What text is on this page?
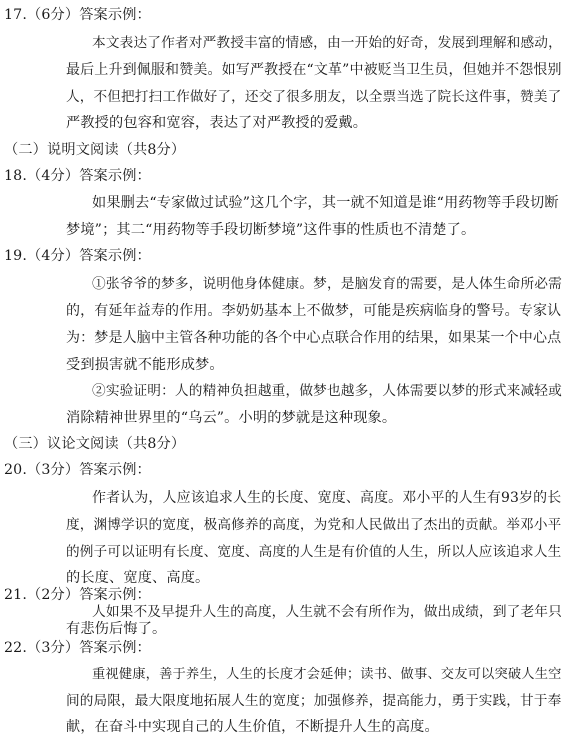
17.（6分）答案示例：
本文表达了作者对严教授丰富的情感，由一开始的好奇，发展到理解和感动，
最后上升到佩服和赞美。如写严教授在“文革”中被贬当卫生员，但她并不怨恨别
人，不但把打扫工作做好了，还交了很多朋友，以全票当选了院长这件事，赞美了
严教授的包容和宽容，表达了对严教授的爱戴。
（二）说明文阅读（共8分）
18.（4分）答案示例：
如果删去“专家做过试验”这几个字，其一就不知道是谁“用药物等手段切断
梦境”；其二“用药物等手段切断梦境”这件事的性质也不清楚了。
19.（4分）答案示例：
①张爷爷的梦多，说明他身体健康。梦，是脑发育的需要，是人体生命所必需
的，有延年益寿的作用。李奶奶基本上不做梦，可能是疾病临身的警号。专家认
为：梦是人脑中主管各种功能的各个中心点联合作用的结果，如果某一个中心点
受到损害就不能形成梦。
②实验证明：人的精神负担越重，做梦也越多，人体需要以梦的形式来减轻或
消除精神世界里的“乌云”。小明的梦就是这种现象。
（三）议论文阅读（共8分）
20.（3分）答案示例：
作者认为，人应该追求人生的长度、宽度、高度。邓小平的人生有93岁的长
度，渊博学识的宽度，极高修养的高度，为党和人民做出了杰出的贡献。举邓小平
的例子可以证明有长度、宽度、高度的人生是有价值的人生，所以人应该追求人生
的长度、宽度、高度。
21.（2分）答案示例：
人如果不及早提升人生的高度，人生就不会有所作为，做出成绩，到了老年只
有悲伤后悔了。
22.（3分）答案示例：
重视健康，善于养生，人生的长度才会延伸；读书、做事、交友可以突破人生空
间的局限，最大限度地拓展人生的宽度；加强修养，提高能力，勇于实践，甘于奉
献，在奋斗中实现自己的人生价值，不断提升人生的高度。
